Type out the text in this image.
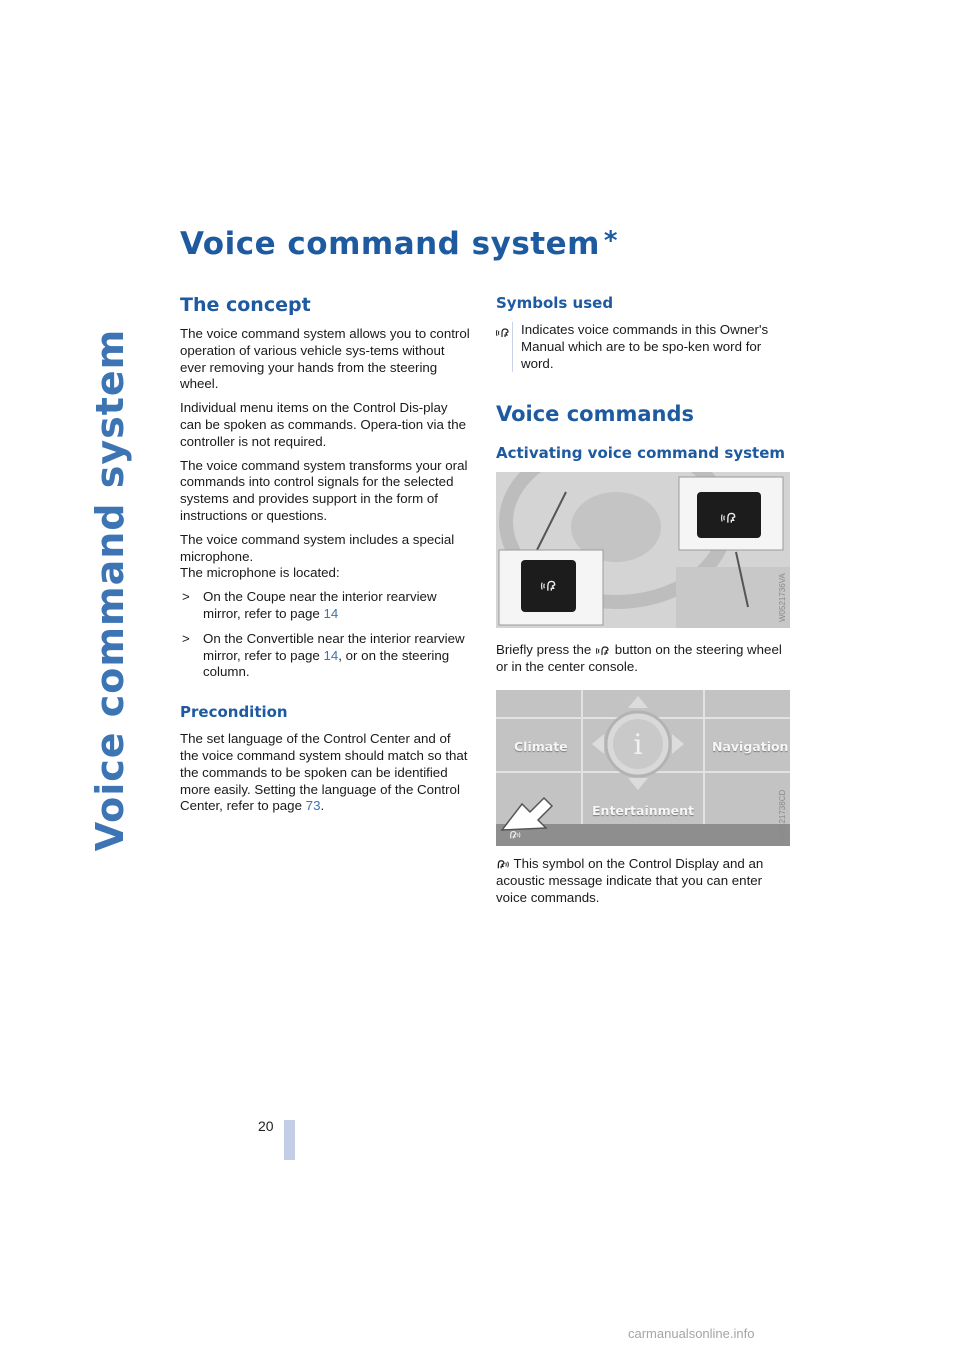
Voice command system
Voice command system *
The concept

The voice command system allows you to control operation of various vehicle sys-tems without ever removing your hands from the steering wheel.

Individual menu items on the Control Dis-play can be spoken as commands. Opera-tion via the controller is not required.

The voice command system transforms your oral commands into control signals for the selected systems and provides support in the form of instructions or questions.

The voice command system includes a special microphone.
The microphone is located:

> On the Coupe near the interior rearview mirror, refer to page 14
> On the Convertible near the interior rearview mirror, refer to page 14, or on the steering column.
Precondition

The set language of the Control Center and of the voice command system should match so that the commands to be spoken can be identified more easily. Setting the language of the Control Center, refer to page 73.

Symbols used

Indicates voice commands in this Owner's Manual which are to be spo-ken word for word.

Voice commands
Activating voice command system
W0521736VA

Briefly press the  button on the steering wheel or in the center console.

i
Climate	Navigation
Entertainment	W0521738CD

This symbol on the Control Display and an acoustic message indicate that you can enter voice commands.

20
carmanualsonline.info
